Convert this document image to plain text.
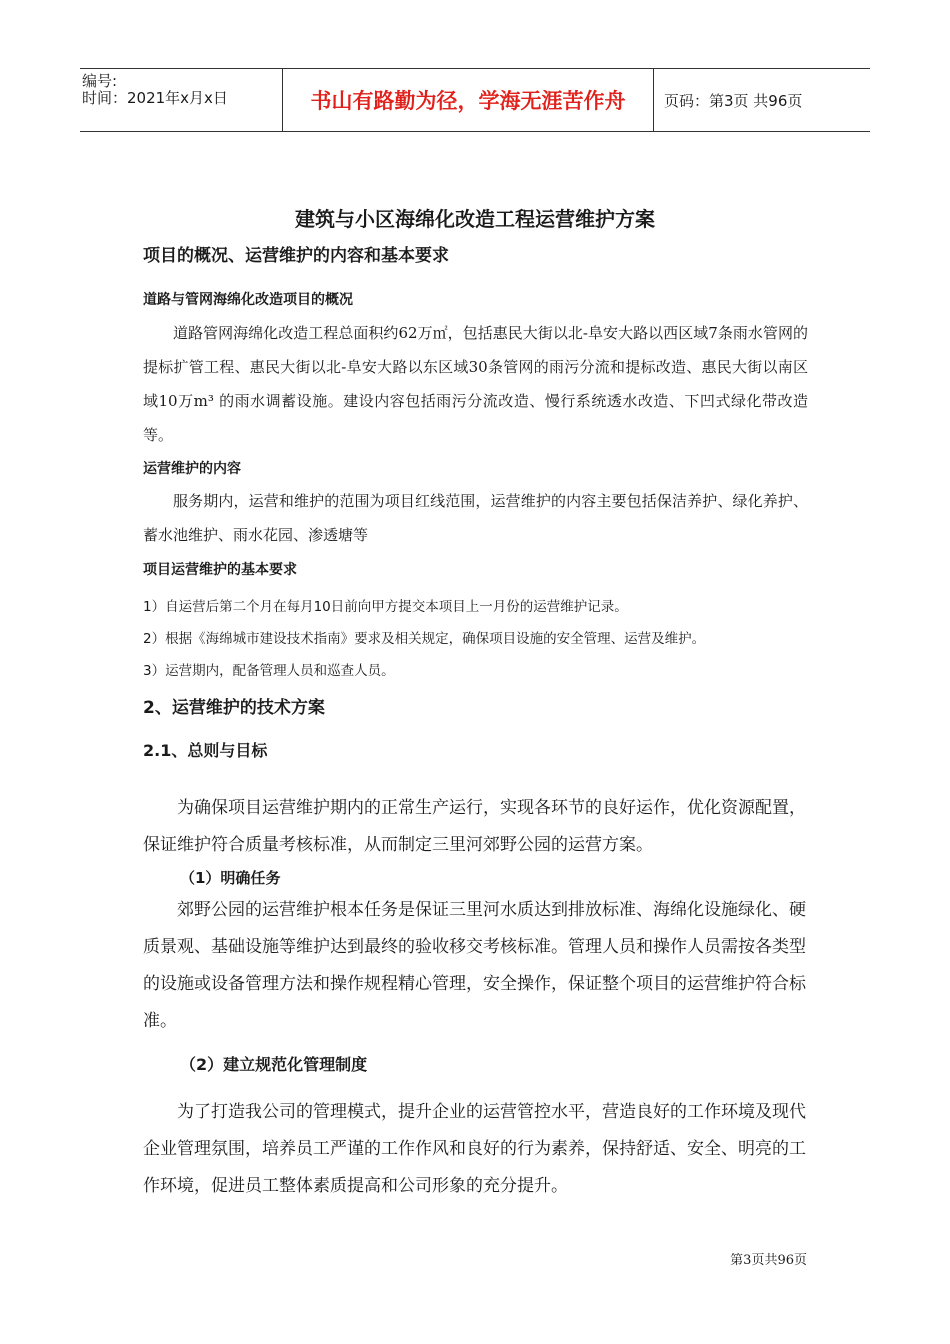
编号:
时间：2021年x月x日	书山有路勤为径，学海无涯苦作舟	页码：第3页 共96页
建筑与小区海绵化改造工程运营维护方案
项目的概况、运营维护的内容和基本要求
道路与管网海绵化改造项目的概况
道路管网海绵化改造工程总面积约62万㎡，包括惠民大街以北-阜安大路以西区域7条雨水管网的提标扩管工程、惠民大街以北-阜安大路以东区域30条管网的雨污分流和提标改造、惠民大街以南区域10万m³ 的雨水调蓄设施。建设内容包括雨污分流改造、慢行系统透水改造、下凹式绿化带改造等。
运营维护的内容
服务期内，运营和维护的范围为项目红线范围，运营维护的内容主要包括保洁养护、绿化养护、蓄水池维护、雨水花园、渗透塘等
项目运营维护的基本要求
1）自运营后第二个月在每月10日前向甲方提交本项目上一月份的运营维护记录。
2）根据《海绵城市建设技术指南》要求及相关规定，确保项目设施的安全管理、运营及维护。
3）运营期内，配备管理人员和巡查人员。
2、运营维护的技术方案
2.1、总则与目标
为确保项目运营维护期内的正常生产运行，实现各环节的良好运作，优化资源配置，保证维护符合质量考核标准，从而制定三里河郊野公园的运营方案。
（1）明确任务
郊野公园的运营维护根本任务是保证三里河水质达到排放标准、海绵化设施绿化、硬质景观、基础设施等维护达到最终的验收移交考核标准。管理人员和操作人员需按各类型的设施或设备管理方法和操作规程精心管理，安全操作，保证整个项目的运营维护符合标准。
（2）建立规范化管理制度
为了打造我公司的管理模式，提升企业的运营管控水平，营造良好的工作环境及现代企业管理氛围，培养员工严谨的工作作风和良好的行为素养，保持舒适、安全、明亮的工作环境，促进员工整体素质提高和公司形象的充分提升。
第3页共96页
